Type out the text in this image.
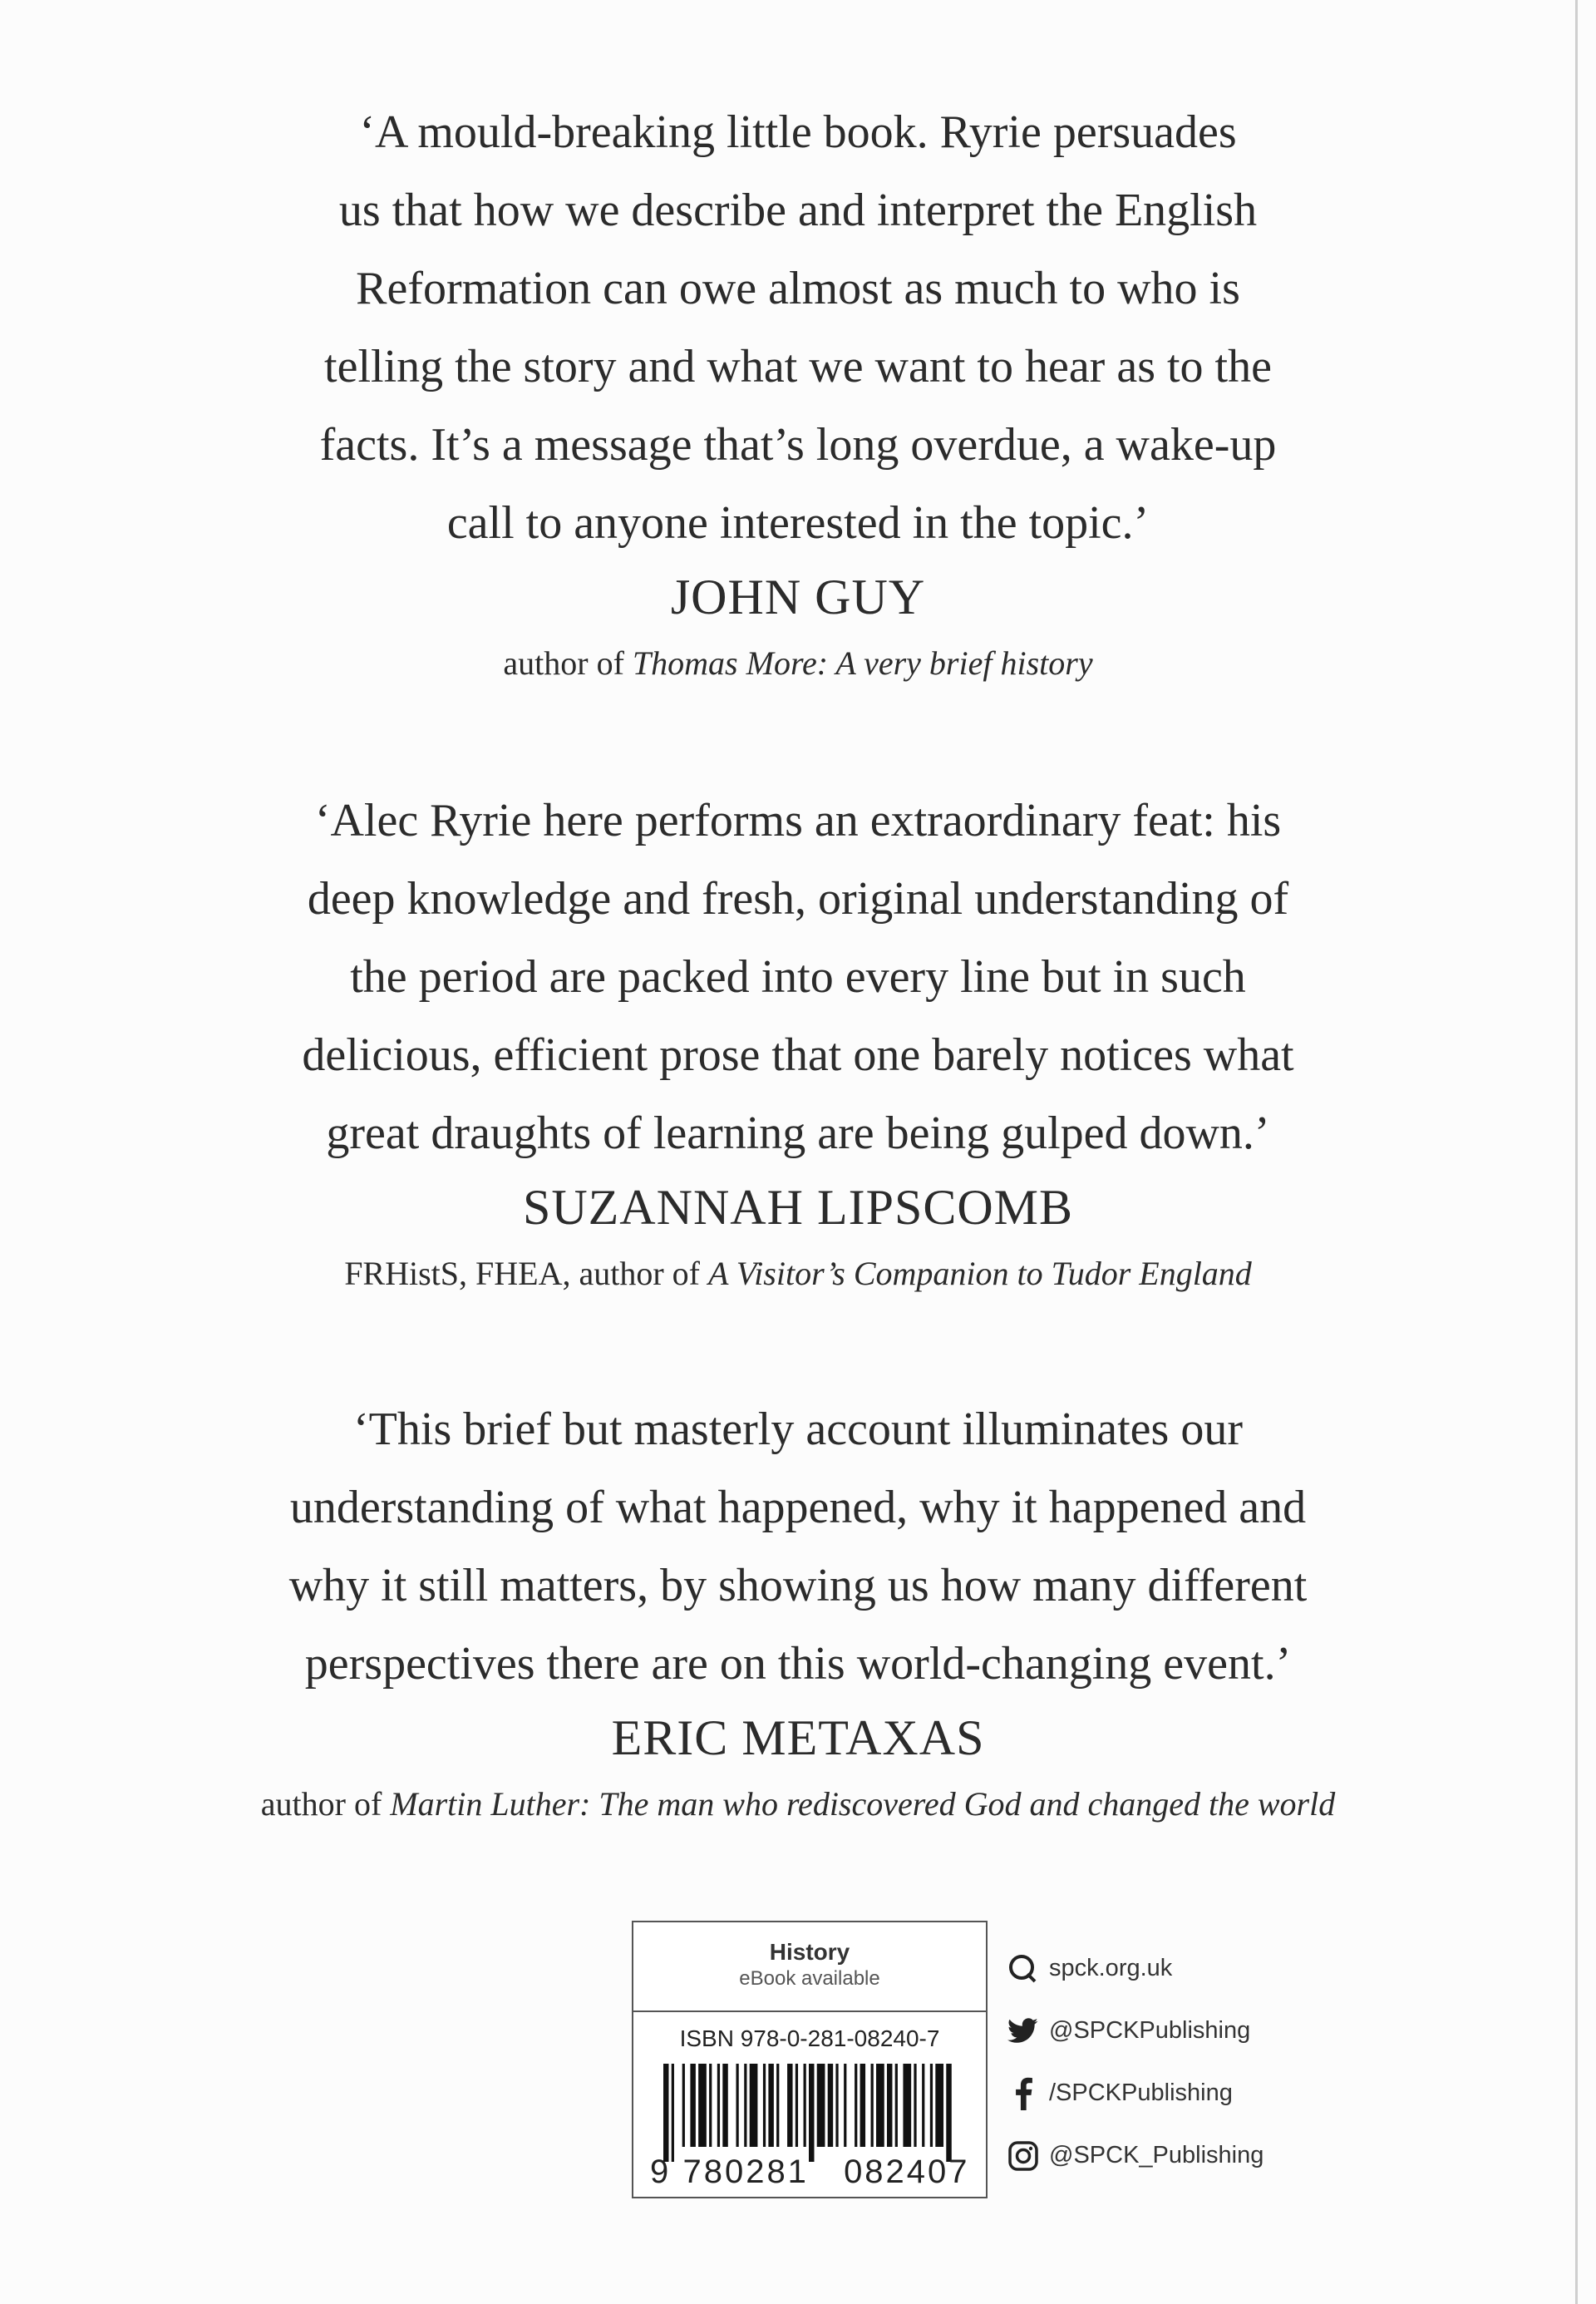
‘A mould-breaking little book. Ryrie persuades
us that how we describe and interpret the English
Reformation can owe almost as much to who is
telling the story and what we want to hear as to the
facts. It’s a message that’s long overdue, a wake-up
call to anyone interested in the topic.’

JOHN GUY

author of Thomas More: A very brief history

‘Alec Ryrie here performs an extraordinary feat: his
deep knowledge and fresh, original understanding of
the period are packed into every line but in such
delicious, efficient prose that one barely notices what
great draughts of learning are being gulped down.’

SUZANNAH LIPSCOMB

FRHistS, FHEA, author of A Visitor’s Companion to Tudor England

‘This brief but masterly account illuminates our
understanding of what happened, why it happened and
why it still matters, by showing us how many different
perspectives there are on this world-changing event.’

ERIC METAXAS

author of Martin Luther: The man who rediscovered God and changed the world

History
eBook available
ISBN 978-0-281-08240-7
9 780281 082407
spck.org.uk
@SPCKPublishing
/SPCKPublishing
@SPCK_Publishing
